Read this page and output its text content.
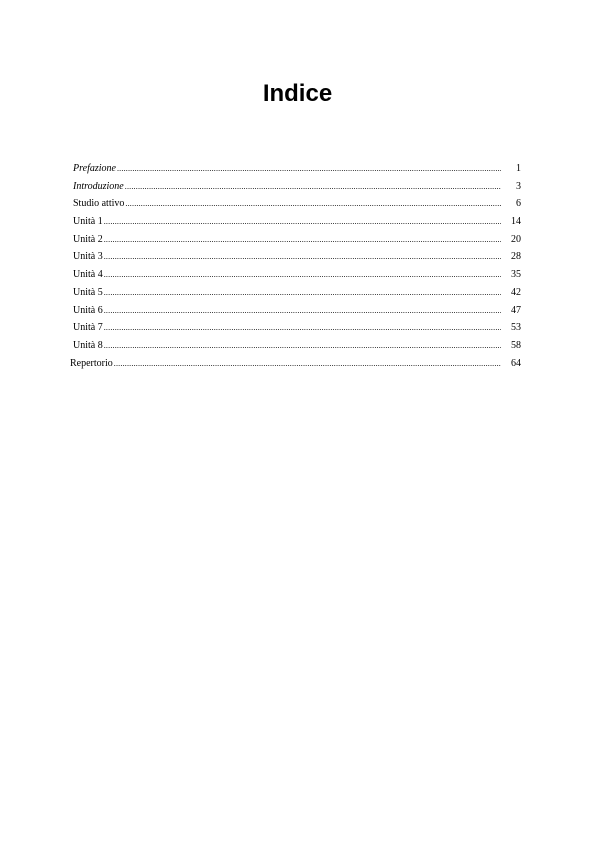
Indice
Prefazione .....	1
Introduzione .....	3
Studio attivo .....	6
Unità 1 .....	14
Unità 2 .....	20
Unità 3 .....	28
Unità 4 .....	35
Unità 5 .....	42
Unità 6 .....	47
Unità 7 .....	53
Unità 8 .....	58
Repertorio .....	64
